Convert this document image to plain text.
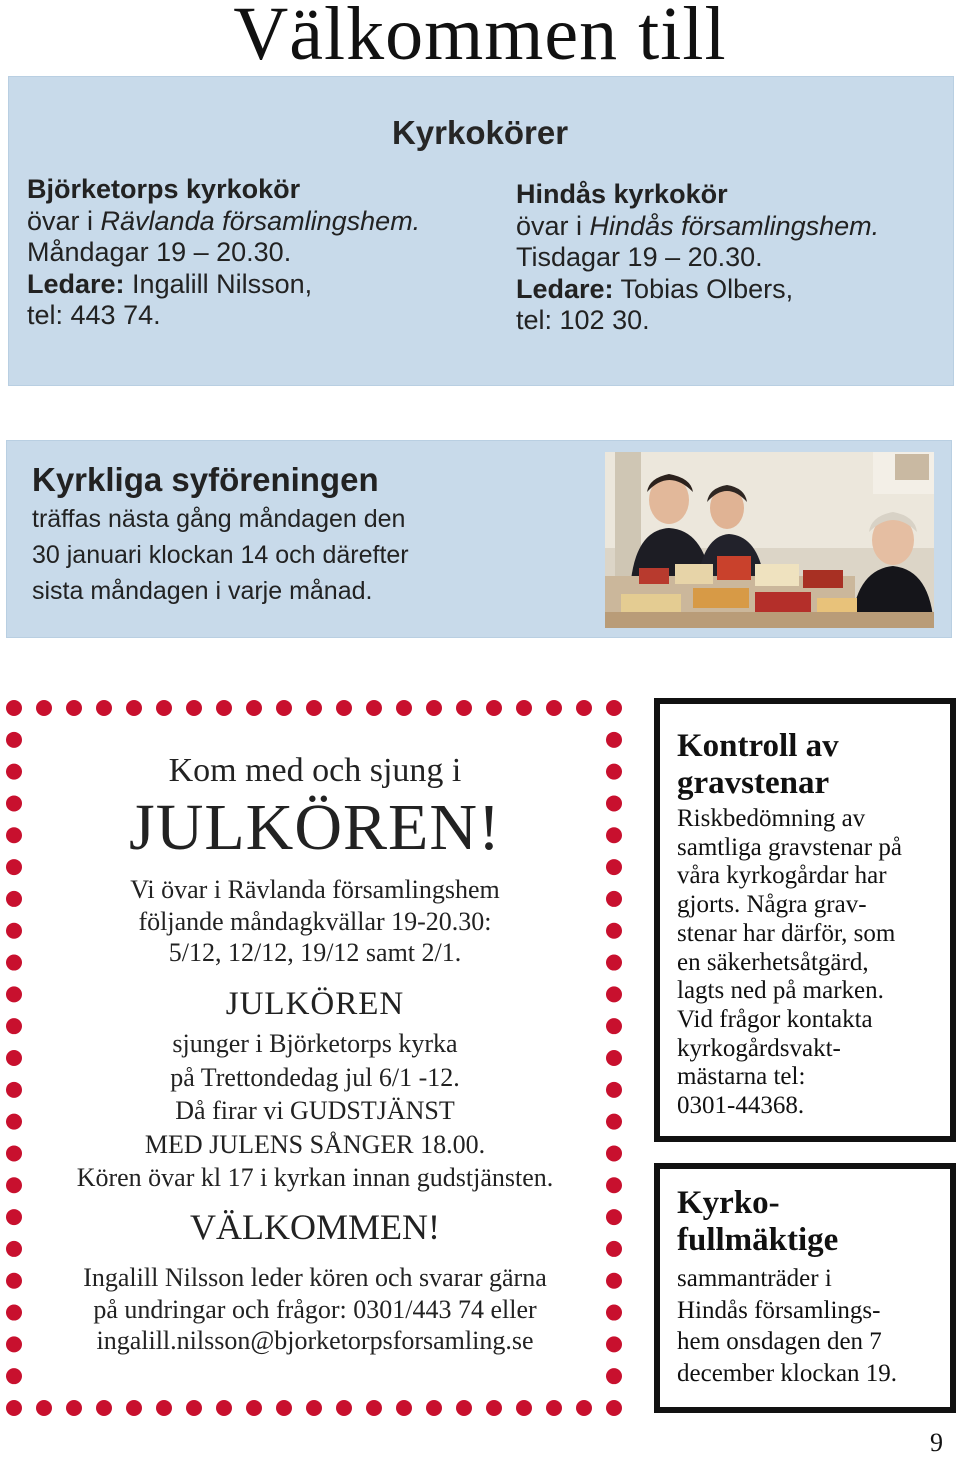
Välkommen till
Kyrkokörer
Björketorps kyrkokör
övar i Rävlanda församlingshem.
Måndagar 19 – 20.30.
Ledare: Ingalill Nilsson,
tel: 443 74.
Hindås kyrkokör
övar i Hindås församlingshem.
Tisdagar 19 – 20.30.
Ledare: Tobias Olbers,
tel: 102 30.
Kyrkliga syföreningen
träffas nästa gång måndagen den
30 januari klockan 14 och därefter
sista måndagen i varje månad.
Kom med och sjung i
JULKÖREN!
Vi övar i Rävlanda församlingshem
följande måndagkvällar 19-20.30:
5/12, 12/12, 19/12 samt 2/1.
JULKÖREN
sjunger i Björketorps kyrka
på Trettondedag jul 6/1 -12.
Då firar vi GUDSTJÄNST
MED JULENS SÅNGER 18.00.
Kören övar kl 17 i kyrkan innan gudstjänsten.
VÄLKOMMEN!
Ingalill Nilsson leder kören och svarar gärna
på undringar och frågor: 0301/443 74 eller
ingalill.nilsson@bjorketorpsforsamling.se
Kontroll av
gravstenar
Riskbedömning av
samtliga gravstenar på
våra kyrkogårdar har
gjorts. Några grav-
stenar har därför, som
en säkerhetsåtgärd,
lagts ned på marken.
Vid frågor kontakta
kyrkogårdsvakt-
mästarna tel:
0301-44368.
Kyrko-
fullmäktige
sammanträder i
Hindås församlings-
hem onsdagen den 7
december klockan 19.
9
